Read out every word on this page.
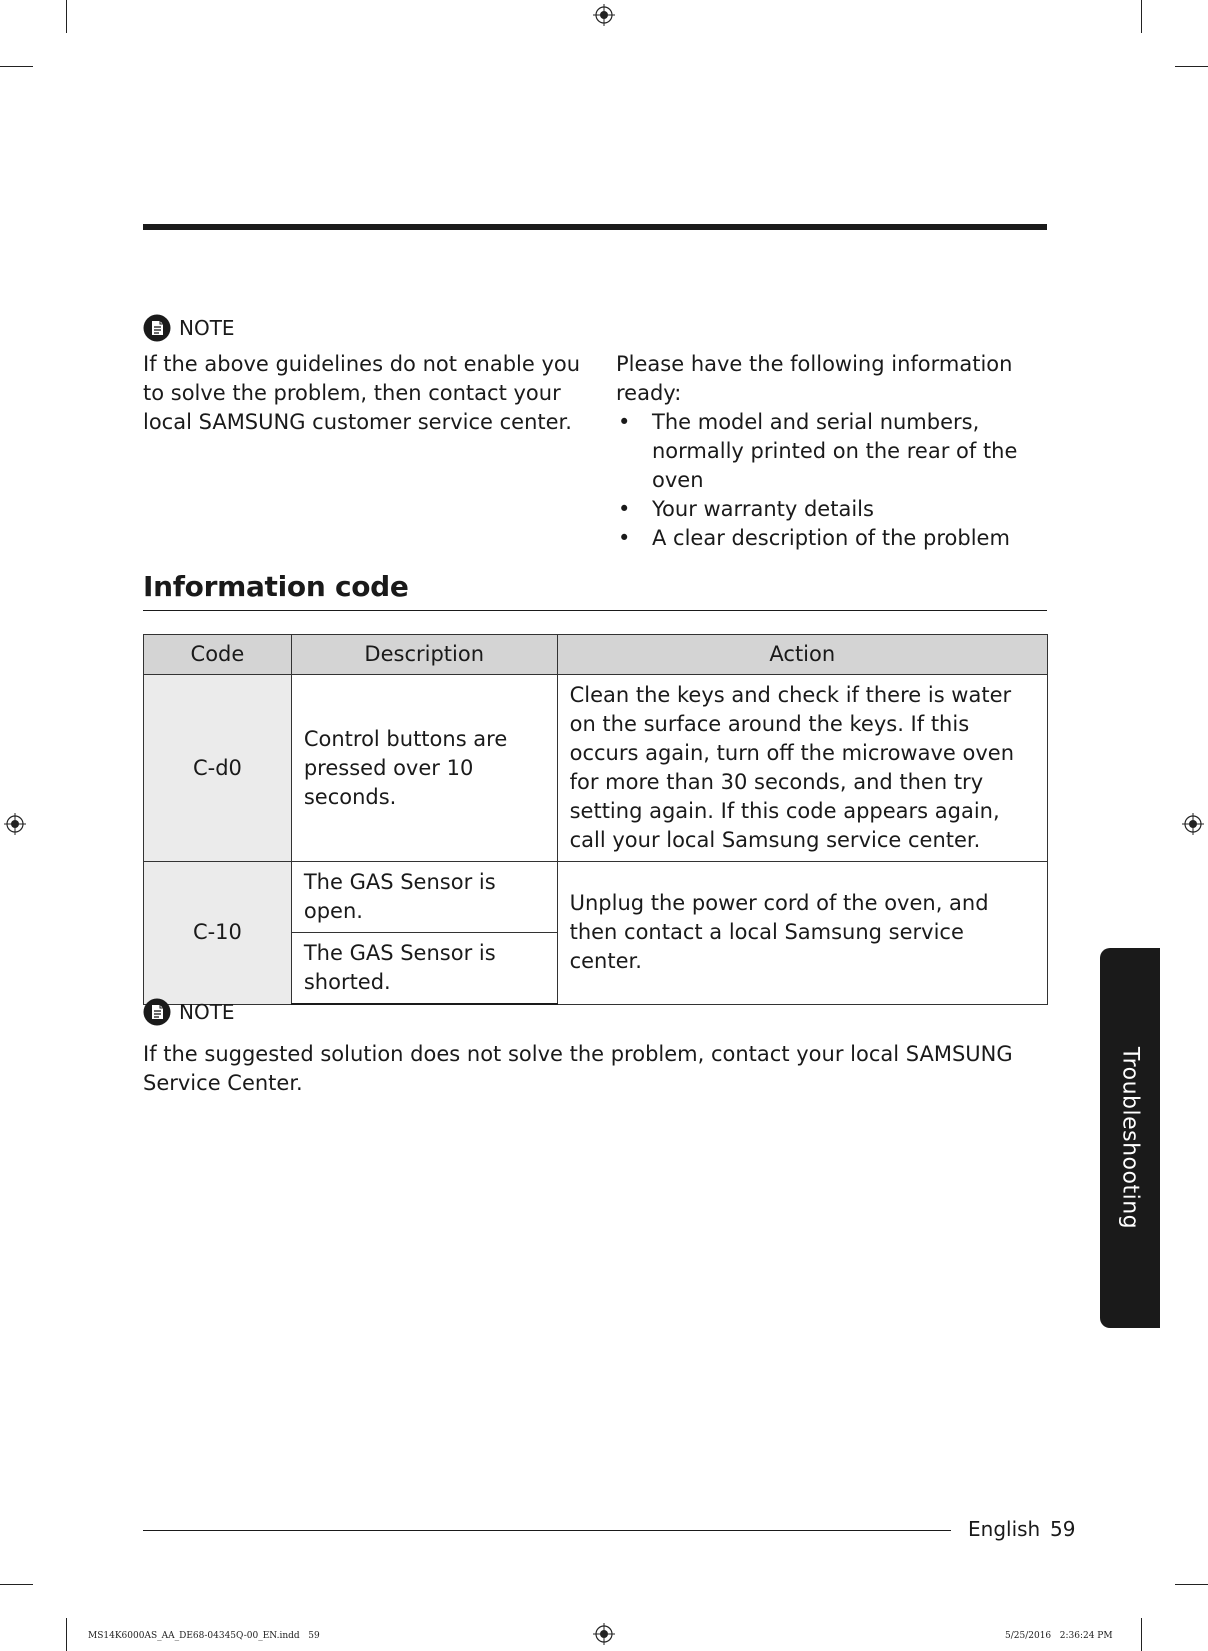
NOTE
If the above guidelines do not enable you to solve the problem, then contact your local SAMSUNG customer service center.
Please have the following information ready:
• The model and serial numbers, normally printed on the rear of the oven
• Your warranty details
• A clear description of the problem
Information code
Code	Description	Action
C-d0	Control buttons are pressed over 10 seconds.	Clean the keys and check if there is water on the surface around the keys. If this occurs again, turn off the microwave oven for more than 30 seconds, and then try setting again. If this code appears again, call your local Samsung service center.
C-10	The GAS Sensor is open.	Unplug the power cord of the oven, and then contact a local Samsung service center.
	The GAS Sensor is shorted.	
NOTE
If the suggested solution does not solve the problem, contact your local SAMSUNG Service Center.	Troubleshooting
English 59
MS14K6000AS_AA_DE68-04345Q-00_EN.indd   59	5/25/2016   2:36:24 PM
